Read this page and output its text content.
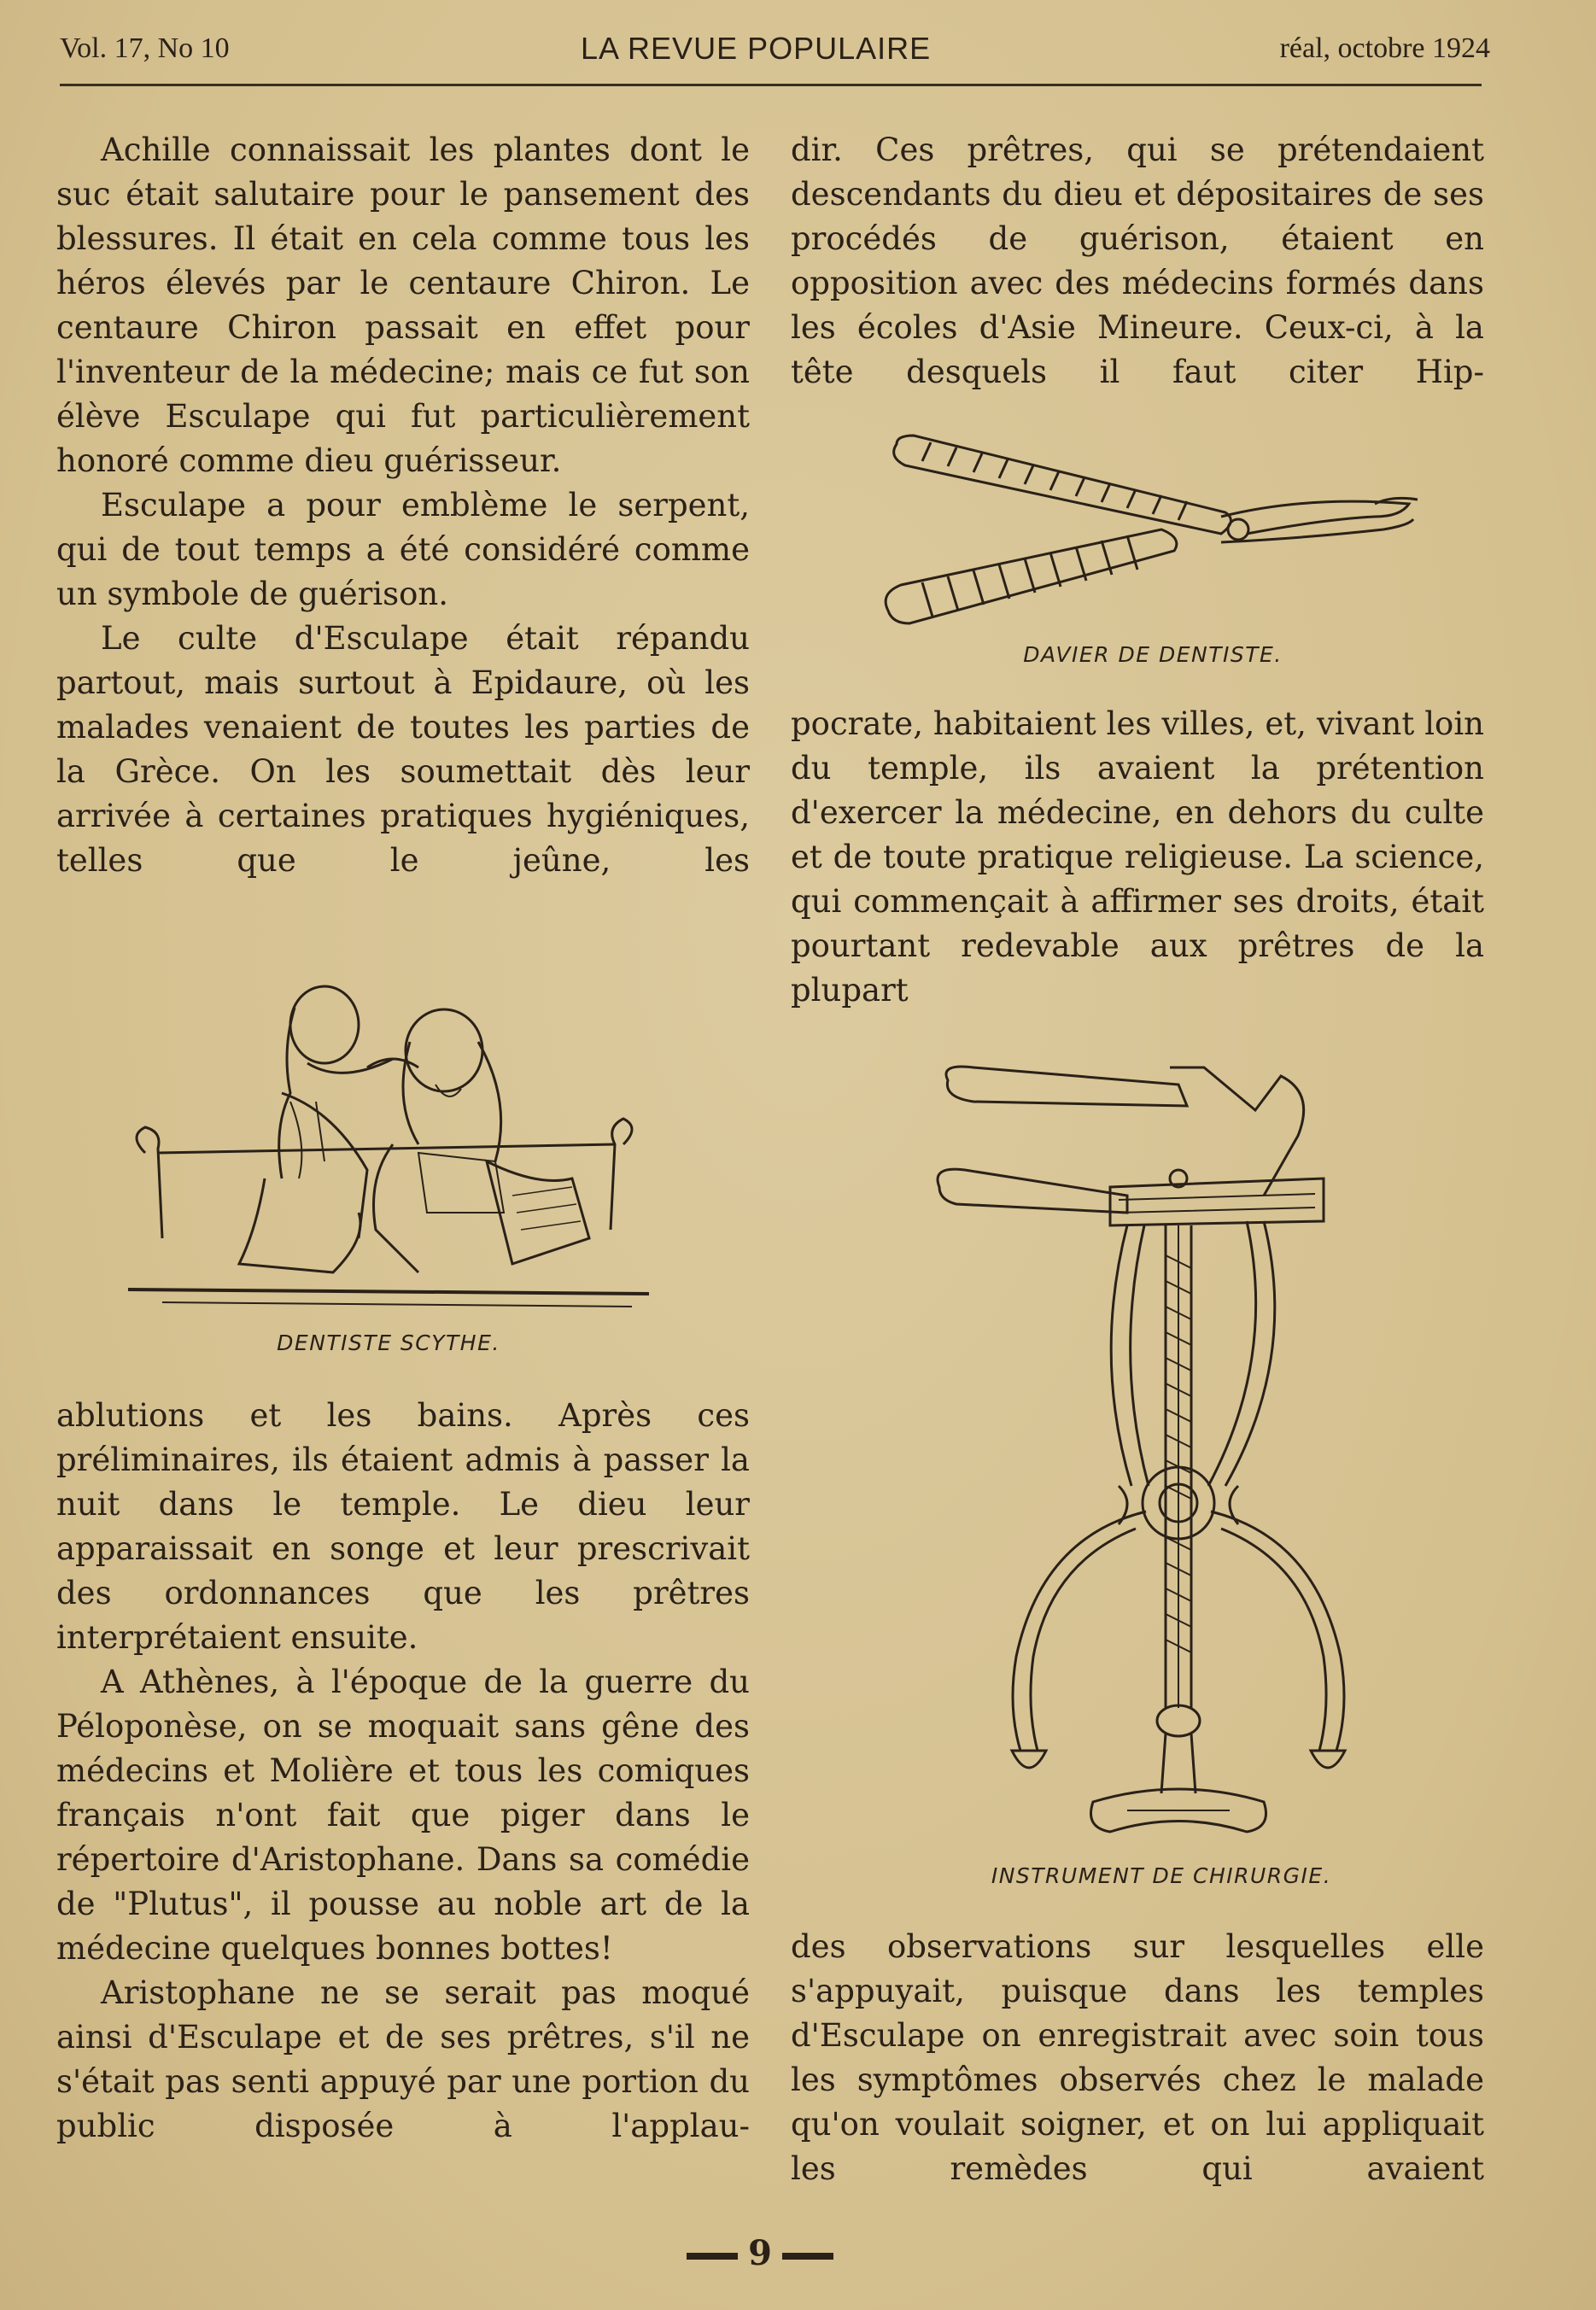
Vol. 17, No 10	LA REVUE POPULAIRE	réal, octobre 1924

Achille connaissait les plantes dont le suc était salutaire pour le pansement des blessures. Il était en cela comme tous les héros élevés par le centaure Chiron. Le centaure Chiron passait en effet pour l'inventeur de la médecine; mais ce fut son élève Esculape qui fut particulièrement honoré comme dieu guérisseur.

Esculape a pour emblème le serpent, qui de tout temps a été considéré comme un symbole de guérison.

Le culte d'Esculape était répandu partout, mais surtout à Epidaure, où les malades venaient de toutes les parties de la Grèce. On les soumettait dès leur arrivée à certaines pratiques hygiéniques, telles que le jeûne, les

DENTISTE SCYTHE.

ablutions et les bains. Après ces préliminaires, ils étaient admis à passer la nuit dans le temple. Le dieu leur apparaissait en songe et leur prescrivait des ordonnances que les prêtres interprétaient ensuite.

A Athènes, à l'époque de la guerre du Péloponèse, on se moquait sans gêne des médecins et Molière et tous les comiques français n'ont fait que piger dans le répertoire d'Aristophane. Dans sa comédie de "Plutus", il pousse au noble art de la médecine quelques bonnes bottes!

Aristophane ne se serait pas moqué ainsi d'Esculape et de ses prêtres, s'il ne s'était pas senti appuyé par une portion du public disposée à l'applau-

dir. Ces prêtres, qui se prétendaient descendants du dieu et dépositaires de ses procédés de guérison, étaient en opposition avec des médecins formés dans les écoles d'Asie Mineure. Ceux-ci, à la tête desquels il faut citer Hip-

DAVIER DE DENTISTE.

pocrate, habitaient les villes, et, vivant loin du temple, ils avaient la prétention d'exercer la médecine, en dehors du culte et de toute pratique religieuse. La science, qui commençait à affirmer ses droits, était pourtant redevable aux prêtres de la plupart

INSTRUMENT DE CHIRURGIE.

des observations sur lesquelles elle s'appuyait, puisque dans les temples d'Esculape on enregistrait avec soin tous les symptômes observés chez le malade qu'on voulait soigner, et on lui appliquait les remèdes qui avaient

9
